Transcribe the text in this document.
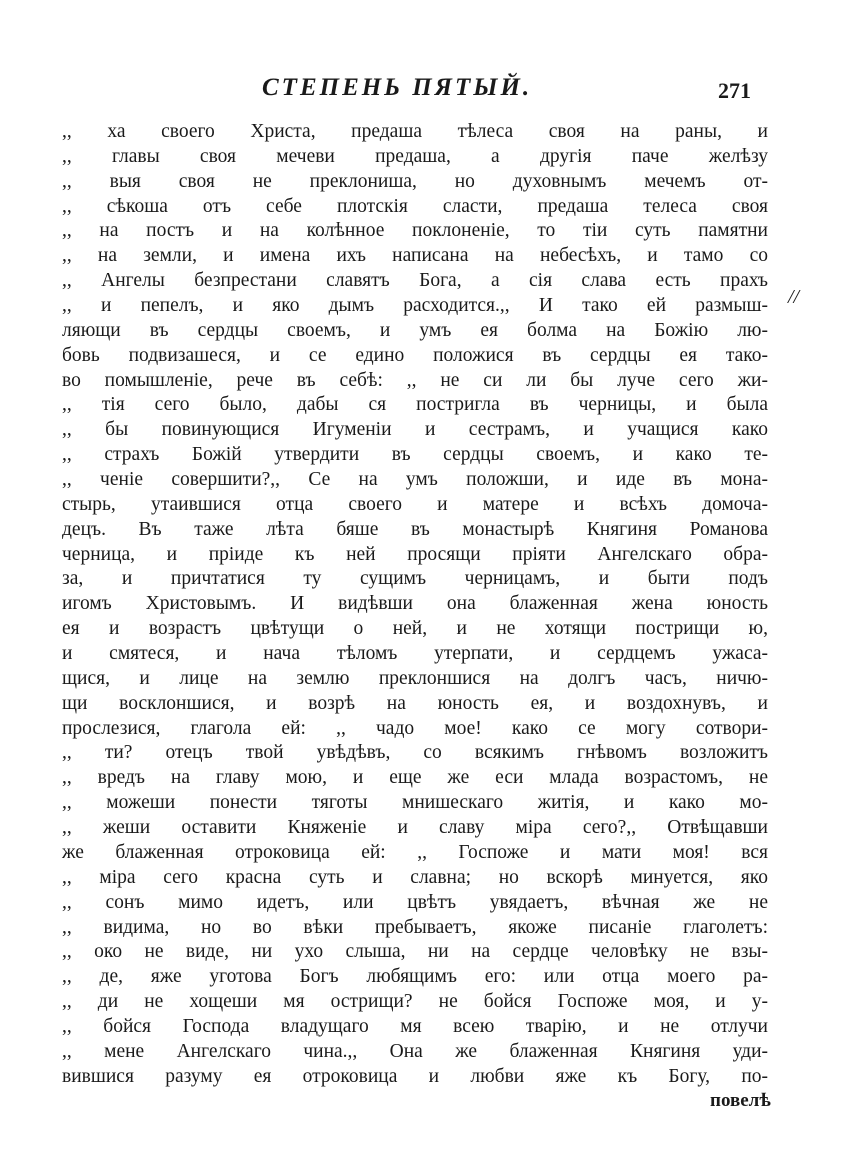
СТЕПЕНЬ ПЯТЫЙ.	271
,, ха своего Христа, предаша тѣлеса своя на раны, и
,, главы своя мечеви предаша, а другія паче желѣзу
,, выя своя не преклониша, но духовнымъ мечемъ от-
,, сѣкоша отъ себе плотскія сласти, предаша телеса своя
,, на постъ и на колѣнное поклоненіе, то тіи суть памятни
,, на земли, и имена ихъ написана на небесѣхъ, и тамо со
,, Ангелы безпрестани славятъ Бога, а сія слава есть прахъ
,, и пепелъ, и яко дымъ расходится.,, И тако ей размыш-
ляющи въ сердцы своемъ, и умъ ея болма на Божію лю-
бовь подвизашеся, и се едино положися въ сердцы ея тако-
во помышленіе, рече въ себѣ: ,, не си ли бы луче сего жи-
,, тія сего было, дабы ся постригла въ черницы, и была
,, бы повинующися Игуменіи и сестрамъ, и учащися како
,, страхъ Божій утвердити въ сердцы своемъ, и како те-
,, ченіе совершити?,, Се на умъ положши, и иде въ мона-
стырь, утаившися отца своего и матере и всѣхъ домоча-
децъ. Въ таже лѣта бяше въ монастырѣ Княгиня Романова
черница, и пріиде къ ней просящи пріяти Ангелскаго обра-
за, и причтатися ту сущимъ черницамъ, и быти подъ
игомъ Христовымъ. И видѣвши она блаженная жена юность
ея и возрастъ цвѣтущи о ней, и не хотящи пострищи ю,
и смятеся, и нача тѣломъ утерпати, и сердцемъ ужаса-
щися, и лице на землю преклоншися на долгъ часъ, ничю-
щи восклоншися, и возрѣ на юность ея, и воздохнувъ, и
прослезися, глагола ей: ,, чадо мое! како се могу сотвори-
,, ти? отецъ твой увѣдѣвъ, со всякимъ гнѣвомъ возложитъ
,, вредъ на главу мою, и еще же еси млада возрастомъ, не
,, можеши понести тяготы мнишескаго житія, и како мо-
,, жеши оставити Княженіе и славу міра сего?,, Отвѣщавши
же блаженная отроковица ей: ,, Госпоже и мати моя! вся
,, міра сего красна суть и славна; но вскорѣ минуется, яко
,, сонъ мимо идетъ, или цвѣтъ увядаетъ, вѣчная же не
,, видима, но во вѣки пребываетъ, якоже писаніе глаголетъ:
,, око не виде, ни ухо слыша, ни на сердце человѣку не взы-
,, де, яже уготова Богъ любящимъ его: или отца моего ра-
,, ди не хощеши мя острищи? не бойся Госпоже моя, и у-
,, бойся Господа владущаго мя всею тварію, и не отлучи
,, мене Ангелскаго чина.,, Она же блаженная Княгиня уди-
вившися разуму ея отроковица и любви яже къ Богу, по-
//
повелѣ
